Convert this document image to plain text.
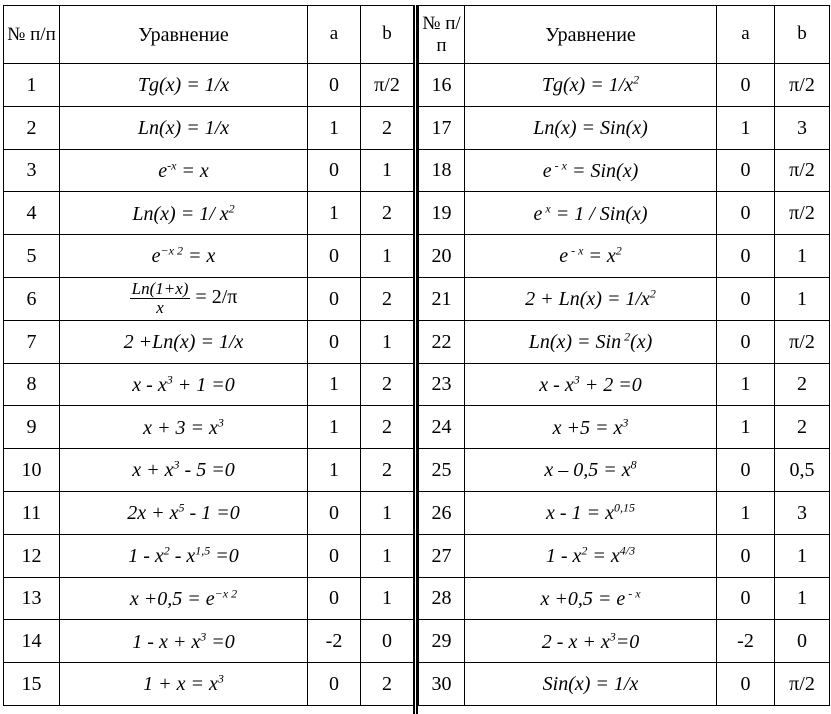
№ п/п	Уравнение	a	b
1	Tg(x) = 1/x	0	π/2
2	Ln(x) = 1/x	1	2
3	$e^{-x} = x$	0	1
4	Ln(x) = 1/ $x^2$	1	2
5	$e^{-x 2} = x$	0	1
6	$\frac{Ln(1+x)}{x} = 2/\pi$	0	2
7	2 +Ln(x) = 1/x	0	1
8	$x - x^3 + 1 =0$	1	2
9	$x + 3 = x^3$	1	2
10	$x + x^3 - 5 =0$	1	2
11	$2x + x^5 - 1 =0$	0	1
12	$1 - x^2 - x^{1,5} =0$	0	1
13	$x +0,5 = e^{-x 2}$	0	1
14	$1 - x + x^3 =0$	-2	0
15	$1 + x = x^3$	0	2
№ п/п	Уравнение	a	b
16	$Tg(x) = 1/x^2$	0	π/2
17	Ln(x) = Sin(x)	1	3
18	e $^{- x}$ = Sin(x)	0	π/2
19	e $^x$ = 1 / Sin(x)	0	π/2
20	e $^{- x} = x^2$	0	1
21	$2 + Ln(x) = 1/x^2$	0	1
22	Ln(x) = Sin $^2$(x)	0	π/2
23	$x - x^3 + 2 =0$	1	2
24	$x +5 = x^3$	1	2
25	$x - 0,5 = x^8$	0	0,5
26	$x - 1 = x^{0,15}$	1	3
27	$1 - x^2 = x^{4/3}$	0	1
28	x +0,5 = e $^{- x}$	0	1
29	$2 - x + x^3=0$	-2	0
30	Sin(x) = 1/x	0	π/2
